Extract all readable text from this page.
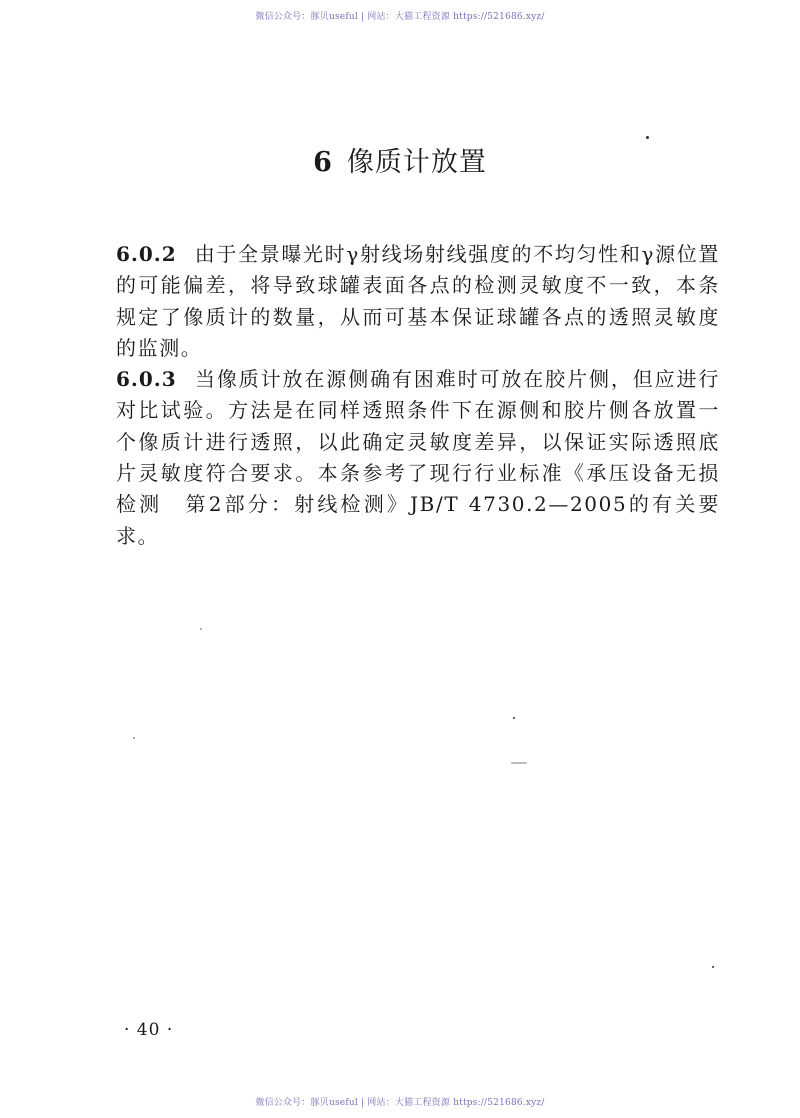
微信公众号：豚贝useful | 网站：大猫工程资源 https://521686.xyz/
6 像质计放置

6.0.2 由于全景曝光时γ射线场射线强度的不均匀性和γ源位置的可能偏差，将导致球罐表面各点的检测灵敏度不一致，本条规定了像质计的数量，从而可基本保证球罐各点的透照灵敏度的监测。

6.0.3 当像质计放在源侧确有困难时可放在胶片侧，但应进行对比试验。方法是在同样透照条件下在源侧和胶片侧各放置一个像质计进行透照，以此确定灵敏度差异，以保证实际透照底片灵敏度符合要求。本条参考了现行行业标准《承压设备无损检测　第2部分：射线检测》JB/T 4730.2—2005的有关要求。

· 40 ·
微信公众号：豚贝useful | 网站：大猫工程资源 https://521686.xyz/
